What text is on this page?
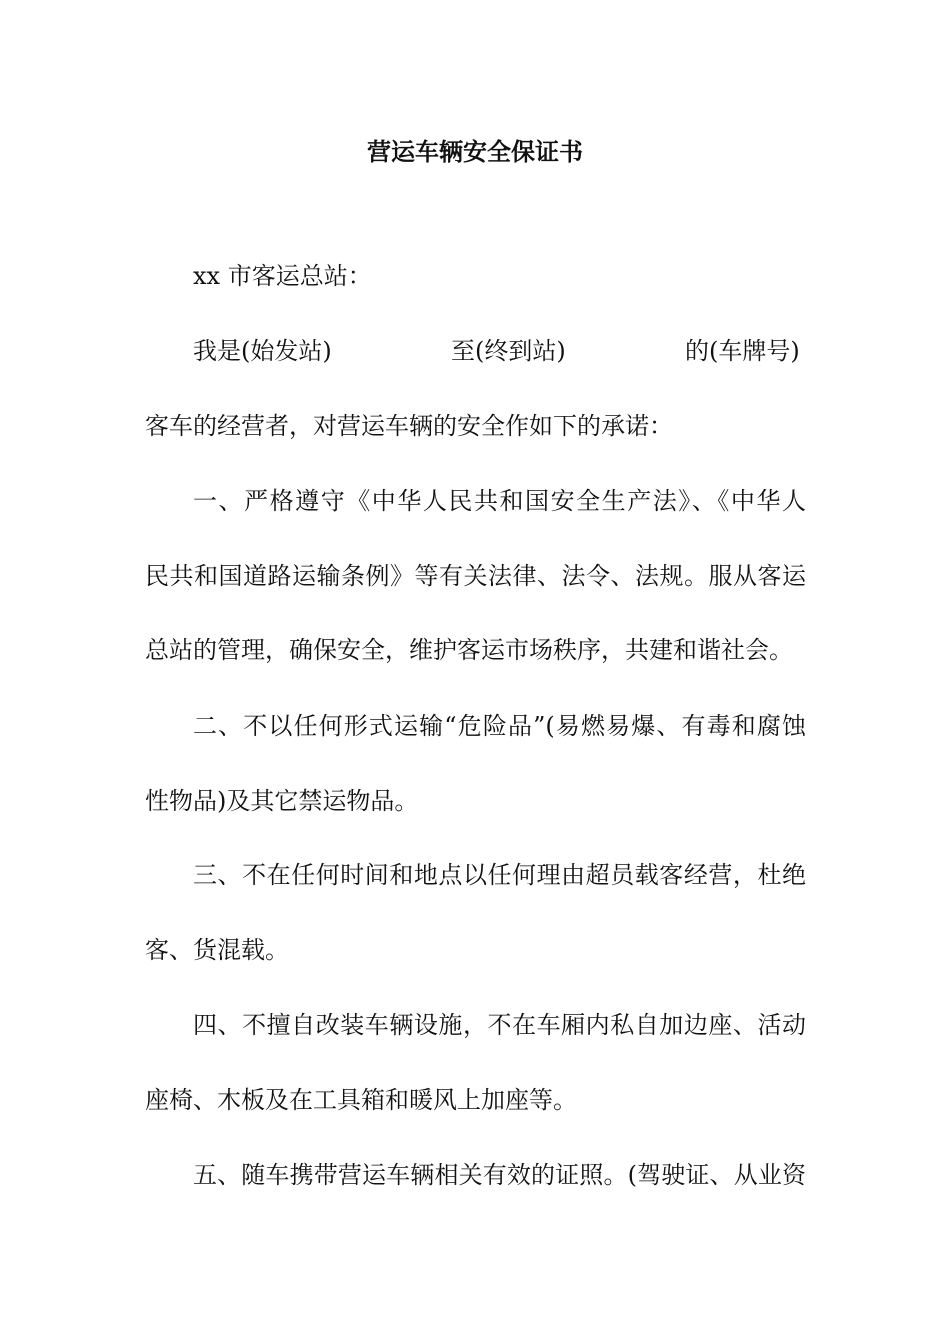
营运车辆安全保证书
xx 市客运总站：
我是(始发站)	至(终到站)	的(车牌号)
客车的经营者，对营运车辆的安全作如下的承诺：
一、严格遵守《中华人民共和国安全生产法》、《中华人
民共和国道路运输条例》等有关法律、法令、法规。服从客运
总站的管理，确保安全，维护客运市场秩序，共建和谐社会。
二、不以任何形式运输“危险品”(易燃易爆、有毒和腐蚀
性物品)及其它禁运物品。
三、不在任何时间和地点以任何理由超员载客经营，杜绝
客、货混载。
四、不擅自改装车辆设施，不在车厢内私自加边座、活动
座椅、木板及在工具箱和暖风上加座等。
五、随车携带营运车辆相关有效的证照。(驾驶证、从业资
